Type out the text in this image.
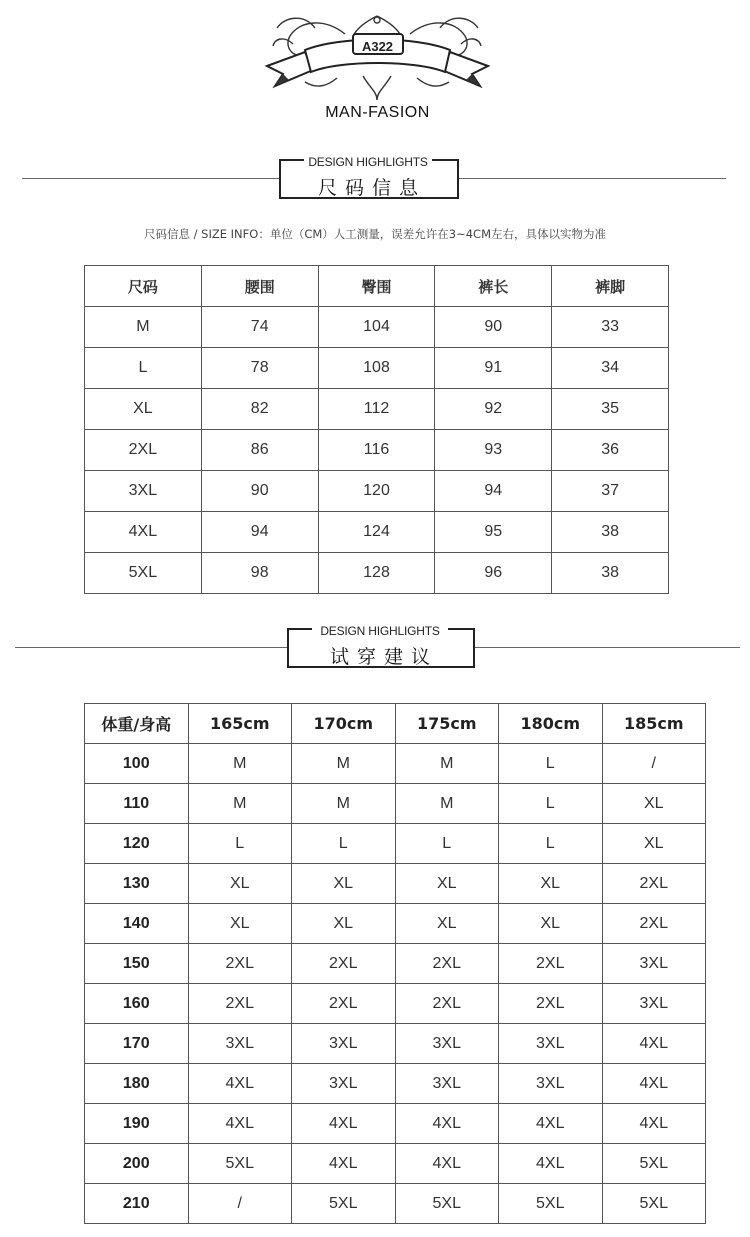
A322
MAN-FASION
DESIGN HIGHLIGHTS
尺码信息
尺码信息 / SIZE INFO：单位（CM）人工测量，误差允许在3~4CM左右，具体以实物为准
尺码	腰围	臀围	裤长	裤脚
M	74	104	90	33
L	78	108	91	34
XL	82	112	92	35
2XL	86	116	93	36
3XL	90	120	94	37
4XL	94	124	95	38
5XL	98	128	96	38
DESIGN HIGHLIGHTS
试穿建议
体重/身高	165cm	170cm	175cm	180cm	185cm
100	M	M	M	L	/
110	M	M	M	L	XL
120	L	L	L	L	XL
130	XL	XL	XL	XL	2XL
140	XL	XL	XL	XL	2XL
150	2XL	2XL	2XL	2XL	3XL
160	2XL	2XL	2XL	2XL	3XL
170	3XL	3XL	3XL	3XL	4XL
180	4XL	3XL	3XL	3XL	4XL
190	4XL	4XL	4XL	4XL	4XL
200	5XL	4XL	4XL	4XL	5XL
210	/	5XL	5XL	5XL	5XL
